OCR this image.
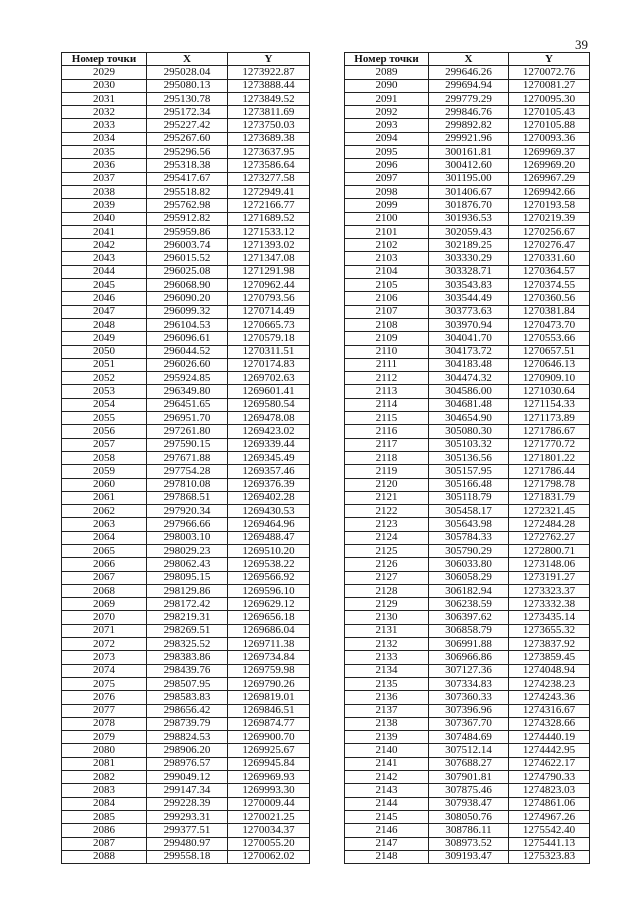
39
Номер точки	X	Y
2029	295028.04	1273922.87
2030	295080.13	1273888.44
2031	295130.78	1273849.52
2032	295172.34	1273811.69
2033	295227.42	1273750.03
2034	295267.60	1273689.38
2035	295296.56	1273637.95
2036	295318.38	1273586.64
2037	295417.67	1273277.58
2038	295518.82	1272949.41
2039	295762.98	1272166.77
2040	295912.82	1271689.52
2041	295959.86	1271533.12
2042	296003.74	1271393.02
2043	296015.52	1271347.08
2044	296025.08	1271291.98
2045	296068.90	1270962.44
2046	296090.20	1270793.56
2047	296099.32	1270714.49
2048	296104.53	1270665.73
2049	296096.61	1270579.18
2050	296044.52	1270311.51
2051	296026.60	1270174.83
2052	295924.85	1269702.63
2053	296349.80	1269601.41
2054	296451.65	1269580.54
2055	296951.70	1269478.08
2056	297261.80	1269423.02
2057	297590.15	1269339.44
2058	297671.88	1269345.49
2059	297754.28	1269357.46
2060	297810.08	1269376.39
2061	297868.51	1269402.28
2062	297920.34	1269430.53
2063	297966.66	1269464.96
2064	298003.10	1269488.47
2065	298029.23	1269510.20
2066	298062.43	1269538.22
2067	298095.15	1269566.92
2068	298129.86	1269596.10
2069	298172.42	1269629.12
2070	298219.31	1269656.18
2071	298269.51	1269686.04
2072	298325.52	1269711.38
2073	298383.86	1269734.84
2074	298439.76	1269759.98
2075	298507.95	1269790.26
2076	298583.83	1269819.01
2077	298656.42	1269846.51
2078	298739.79	1269874.77
2079	298824.53	1269900.70
2080	298906.20	1269925.67
2081	298976.57	1269945.84
2082	299049.12	1269969.93
2083	299147.34	1269993.30
2084	299228.39	1270009.44
2085	299293.31	1270021.25
2086	299377.51	1270034.37
2087	299480.97	1270055.20
2088	299558.18	1270062.02
Номер точки	X	Y
2089	299646.26	1270072.76
2090	299694.94	1270081.27
2091	299779.29	1270095.30
2092	299846.76	1270105.43
2093	299892.82	1270105.88
2094	299921.96	1270093.36
2095	300161.81	1269969.37
2096	300412.60	1269969.20
2097	301195.00	1269967.29
2098	301406.67	1269942.66
2099	301876.70	1270193.58
2100	301936.53	1270219.39
2101	302059.43	1270256.67
2102	302189.25	1270276.47
2103	303330.29	1270331.60
2104	303328.71	1270364.57
2105	303543.83	1270374.55
2106	303544.49	1270360.56
2107	303773.63	1270381.84
2108	303970.94	1270473.70
2109	304041.70	1270553.66
2110	304173.72	1270657.51
2111	304183.48	1270646.13
2112	304474.32	1270909.10
2113	304586.00	1271030.64
2114	304681.48	1271154.33
2115	304654.90	1271173.89
2116	305080.30	1271786.67
2117	305103.32	1271770.72
2118	305136.56	1271801.22
2119	305157.95	1271786.44
2120	305166.48	1271798.78
2121	305118.79	1271831.79
2122	305458.17	1272321.45
2123	305643.98	1272484.28
2124	305784.33	1272762.27
2125	305790.29	1272800.71
2126	306033.80	1273148.06
2127	306058.29	1273191.27
2128	306182.94	1273323.37
2129	306238.59	1273332.38
2130	306397.62	1273435.14
2131	306858.79	1273655.32
2132	306991.88	1273837.92
2133	306966.86	1273859.45
2134	307127.36	1274048.94
2135	307334.83	1274238.23
2136	307360.33	1274243.36
2137	307396.96	1274316.67
2138	307367.70	1274328.66
2139	307484.69	1274440.19
2140	307512.14	1274442.95
2141	307688.27	1274622.17
2142	307901.81	1274790.33
2143	307875.46	1274823.03
2144	307938.47	1274861.06
2145	308050.76	1274967.26
2146	308786.11	1275542.40
2147	308973.52	1275441.13
2148	309193.47	1275323.83
